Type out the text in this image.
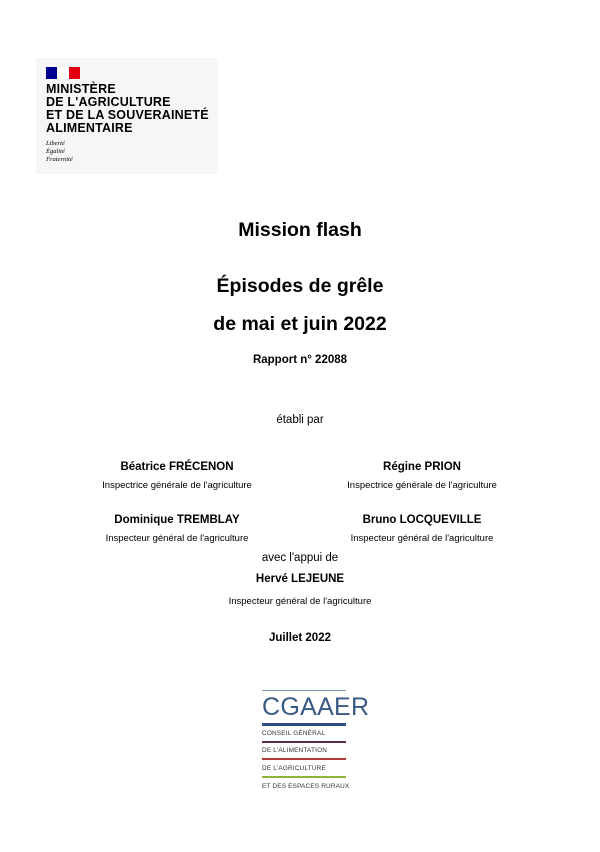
MINISTÈRE
DE L'AGRICULTURE
ET DE LA SOUVERAINETÉ
ALIMENTAIRE
Liberté
Égalité
Fraternité
Mission flash
Épisodes de grêle
de mai et juin 2022
Rapport n° 22088
établi par
Béatrice FRÉCENON
Inspectrice générale de l'agriculture
Régine PRION
Inspectrice générale de l'agriculture
Dominique TREMBLAY
Inspecteur général de l'agriculture
Bruno LOCQUEVILLE
Inspecteur général de l'agriculture
avec l'appui de
Hervé LEJEUNE
Inspecteur général de l'agriculture
Juillet 2022
CGAAER
CONSEIL GÉNÉRAL
DE L'ALIMENTATION
DE L'AGRICULTURE
ET DES ESPACES RURAUX
